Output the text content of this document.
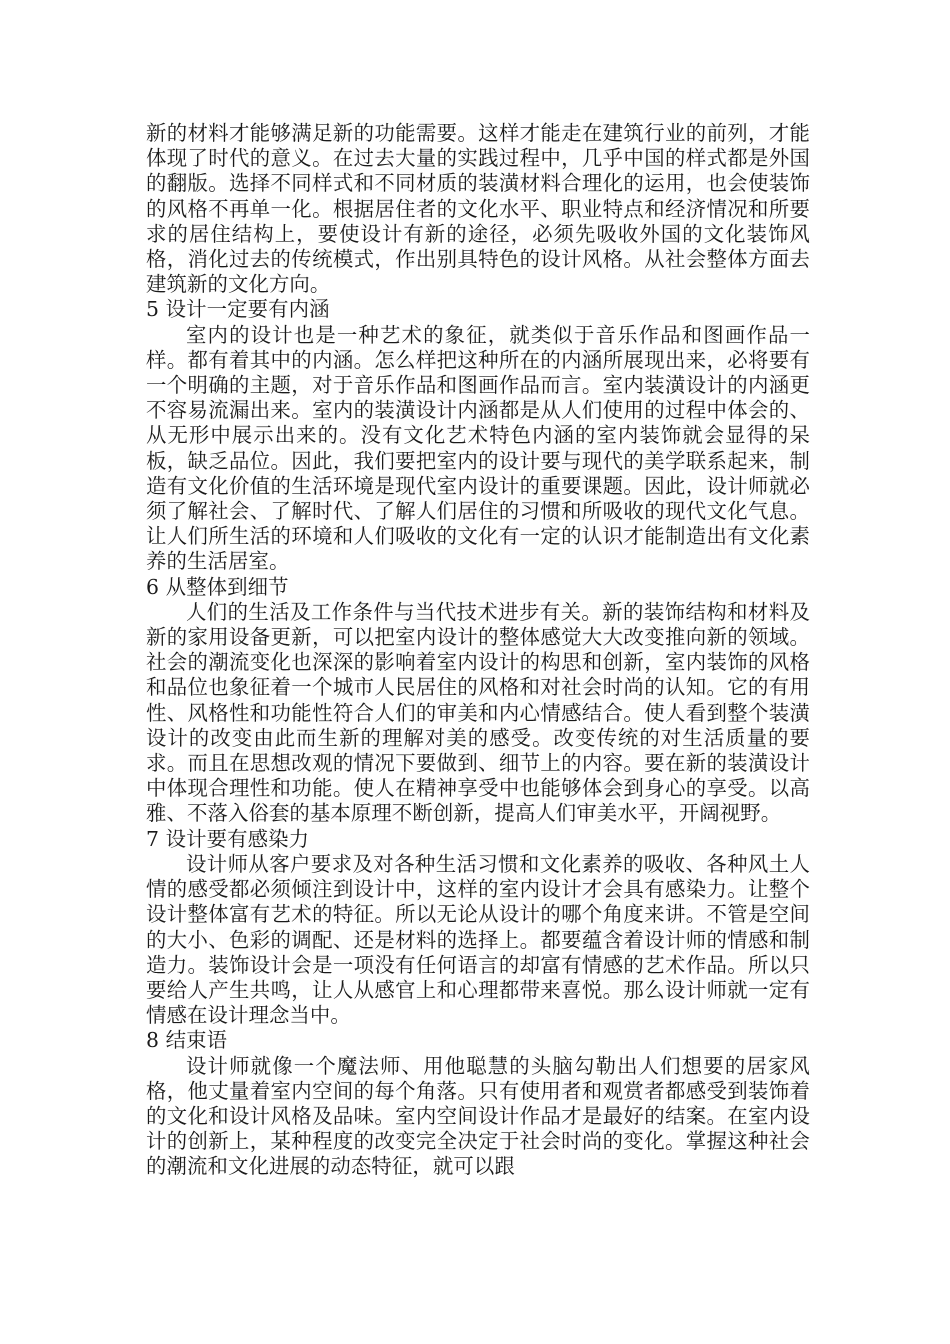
新的材料才能够满足新的功能需要。这样才能走在建筑行业的前列，才能体现了时代的意义。在过去大量的实践过程中，几乎中国的样式都是外国的翻版。选择不同样式和不同材质的装潢材料合理化的运用，也会使装饰的风格不再单一化。根据居住者的文化水平、职业特点和经济情况和所要求的居住结构上，要使设计有新的途径，必须先吸收外国的文化装饰风格，消化过去的传统模式，作出别具特色的设计风格。从社会整体方面去建筑新的文化方向。

5 设计一定要有内涵

室内的设计也是一种艺术的象征，就类似于音乐作品和图画作品一样。都有着其中的内涵。怎么样把这种所在的内涵所展现出来，必将要有一个明确的主题，对于音乐作品和图画作品而言。室内装潢设计的内涵更不容易流漏出来。室内的装潢设计内涵都是从人们使用的过程中体会的、从无形中展示出来的。没有文化艺术特色内涵的室内装饰就会显得的呆板，缺乏品位。因此，我们要把室内的设计要与现代的美学联系起来，制造有文化价值的生活环境是现代室内设计的重要课题。因此，设计师就必须了解社会、了解时代、了解人们居住的习惯和所吸收的现代文化气息。让人们所生活的环境和人们吸收的文化有一定的认识才能制造出有文化素养的生活居室。

6 从整体到细节

人们的生活及工作条件与当代技术进步有关。新的装饰结构和材料及新的家用设备更新，可以把室内设计的整体感觉大大改变推向新的领域。社会的潮流变化也深深的影响着室内设计的构思和创新，室内装饰的风格和品位也象征着一个城市人民居住的风格和对社会时尚的认知。它的有用性、风格性和功能性符合人们的审美和内心情感结合。使人看到整个装潢设计的改变由此而生新的理解对美的感受。改变传统的对生活质量的要求。而且在思想改观的情况下要做到、细节上的内容。要在新的装潢设计中体现合理性和功能。使人在精神享受中也能够体会到身心的享受。以高雅、不落入俗套的基本原理不断创新，提高人们审美水平，开阔视野。

7 设计要有感染力

设计师从客户要求及对各种生活习惯和文化素养的吸收、各种风土人情的感受都必须倾注到设计中，这样的室内设计才会具有感染力。让整个设计整体富有艺术的特征。所以无论从设计的哪个角度来讲。不管是空间的大小、色彩的调配、还是材料的选择上。都要蕴含着设计师的情感和制造力。装饰设计会是一项没有任何语言的却富有情感的艺术作品。所以只要给人产生共鸣，让人从感官上和心理都带来喜悦。那么设计师就一定有情感在设计理念当中。

8 结束语

设计师就像一个魔法师、用他聪慧的头脑勾勒出人们想要的居家风格，他丈量着室内空间的每个角落。只有使用者和观赏者都感受到装饰着的文化和设计风格及品味。室内空间设计作品才是最好的结案。在室内设计的创新上，某种程度的改变完全决定于社会时尚的变化。掌握这种社会的潮流和文化进展的动态特征，就可以跟
